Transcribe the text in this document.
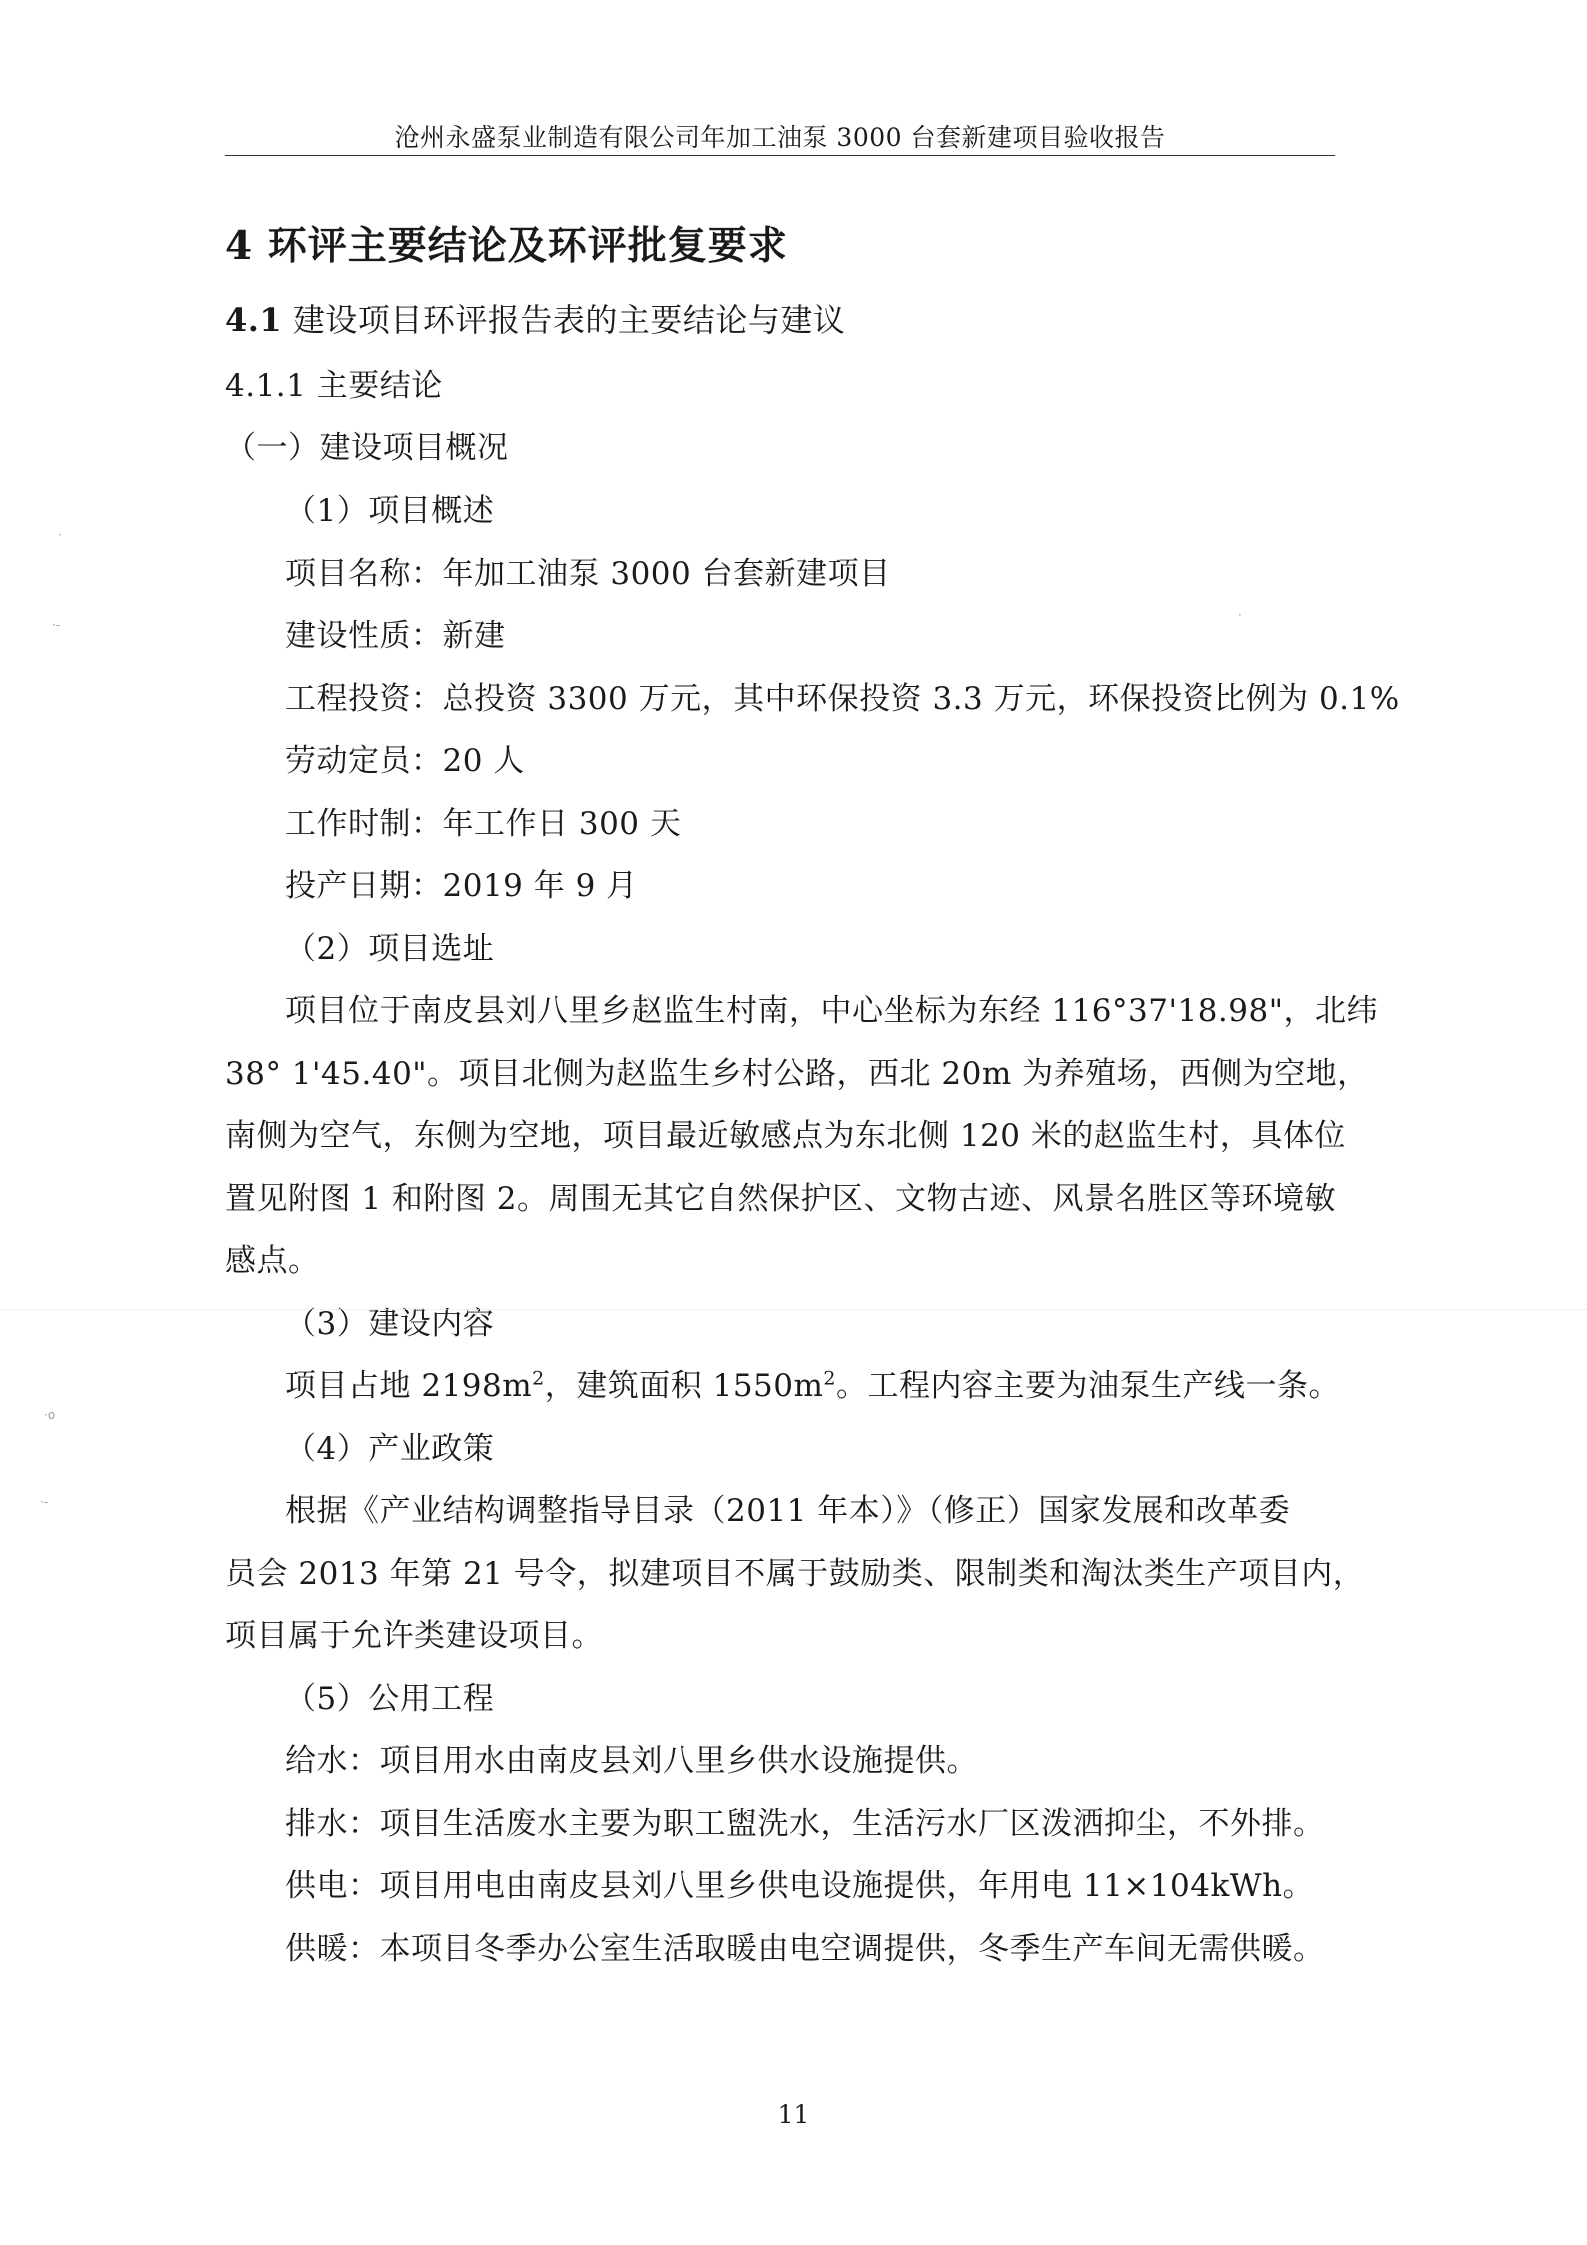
沧州永盛泵业制造有限公司年加工油泵 3000 台套新建项目验收报告
4 环评主要结论及环评批复要求
4.1 建设项目环评报告表的主要结论与建议
4.1.1 主要结论
（一）建设项目概况
（1）项目概述
项目名称：年加工油泵 3000 台套新建项目
建设性质：新建
工程投资：总投资 3300 万元，其中环保投资 3.3 万元，环保投资比例为 0.1%
劳动定员：20 人
工作时制：年工作日 300 天
投产日期：2019 年 9 月
（2）项目选址
项目位于南皮县刘八里乡赵监生村南，中心坐标为东经 116°37'18.98"，北纬
38° 1'45.40"。项目北侧为赵监生乡村公路，西北 20m 为养殖场，西侧为空地，
南侧为空气，东侧为空地，项目最近敏感点为东北侧 120 米的赵监生村，具体位
置见附图 1 和附图 2。周围无其它自然保护区、文物古迹、风景名胜区等环境敏
感点。
（3）建设内容
项目占地 $2198m^2$，建筑面积 $1550m^2$。工程内容主要为油泵生产线一条。
（4）产业政策
根据《产业结构调整指导目录（2011 年本）》（修正）国家发展和改革委
员会 2013 年第 21 号令，拟建项目不属于鼓励类、限制类和淘汰类生产项目内，
项目属于允许类建设项目。
（5）公用工程
给水：项目用水由南皮县刘八里乡供水设施提供。
排水：项目生活废水主要为职工盥洗水，生活污水厂区泼洒抑尘，不外排。
供电：项目用电由南皮县刘八里乡供电设施提供，年用电 11×104kWh。
供暖：本项目冬季办公室生活取暖由电空调提供，冬季生产车间无需供暖。
11
·
·-
·o
·-
·
